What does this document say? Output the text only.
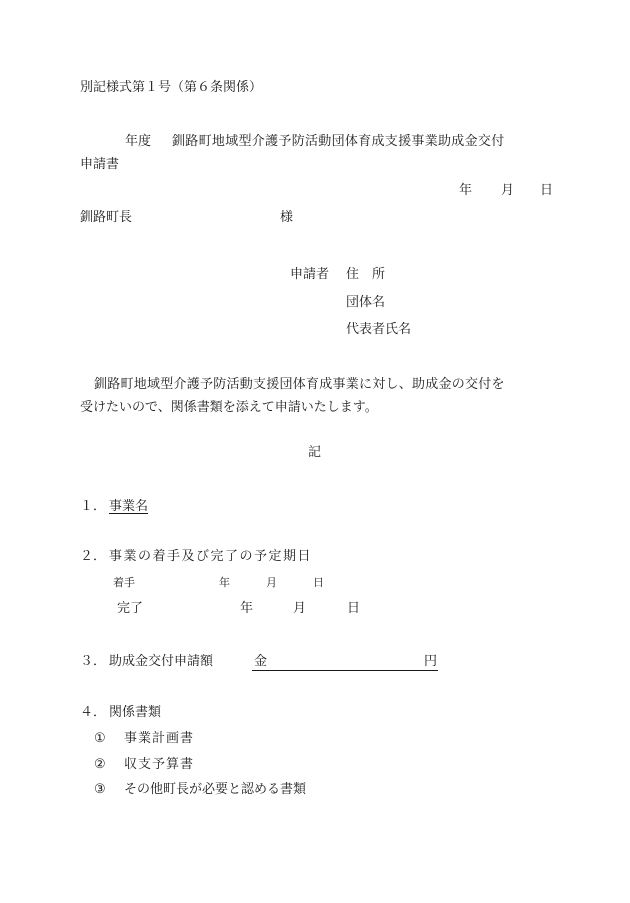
別記様式第１号（第６条関係）
年度 釧路町地域型介護予防活動団体育成支援事業助成金交付
申請書
年 月 日
釧路町長	様
申請者 住　所
団体名
代表者氏名
釧路町地域型介護予防活動支援団体育成事業に対し、助成金の交付を
受けたいので、関係書類を添えて申請いたします。
記
１． 事業名
２． 事業の着手及び完了の予定期日
着手	年	月	日
完了	年	月	日
３． 助成金交付申請額	金	円
４． 関係書類
① 事業計画書
② 収支予算書
③ その他町長が必要と認める書類
